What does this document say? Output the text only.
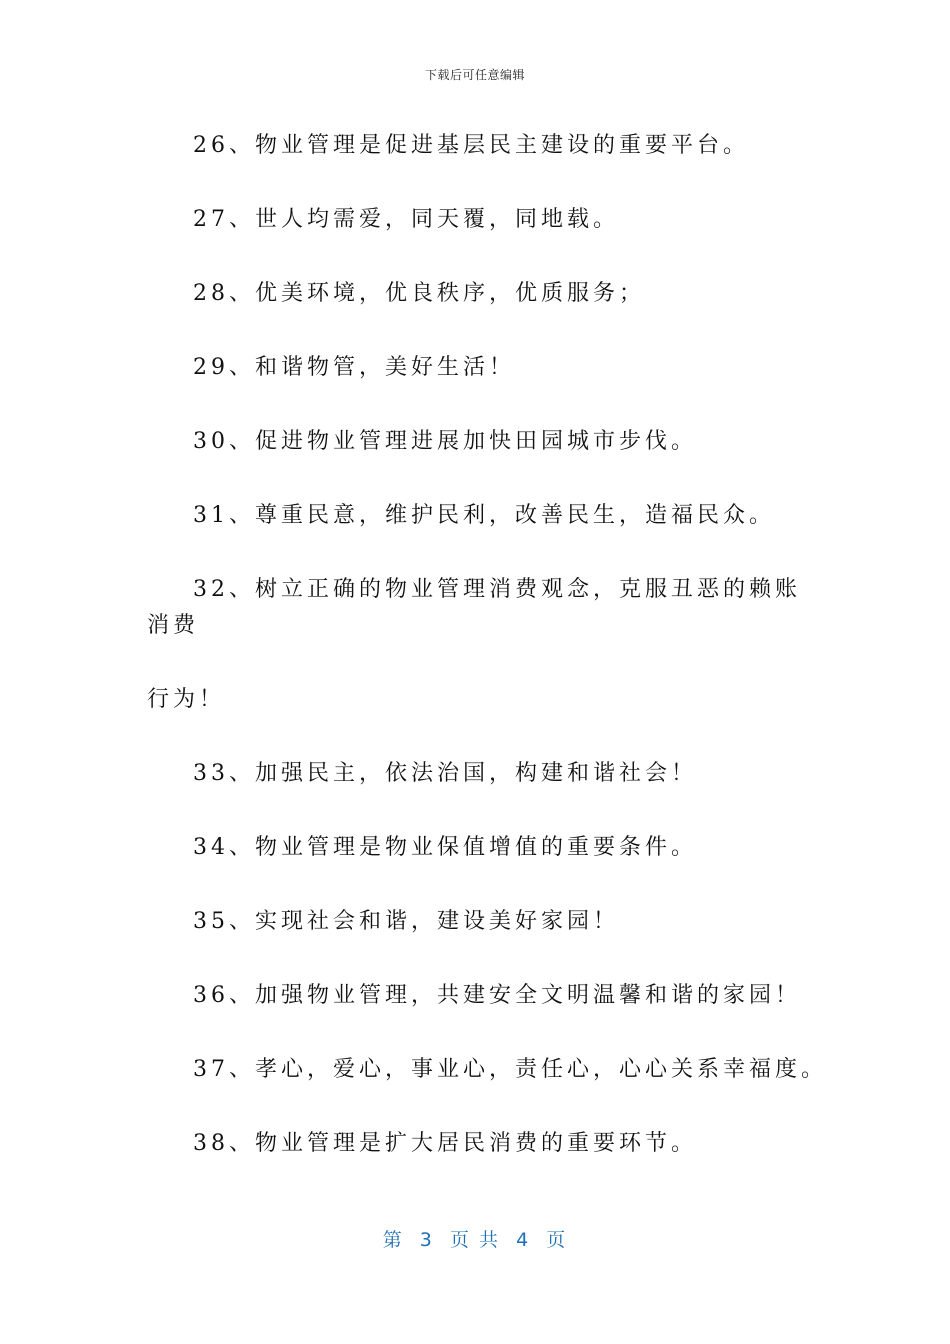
下载后可任意编辑

26、物业管理是促进基层民主建设的重要平台。

27、世人均需爱，同天覆，同地载。

28、优美环境，优良秩序，优质服务；

29、和谐物管，美好生活！

30、促进物业管理进展加快田园城市步伐。

31、尊重民意，维护民利，改善民生，造福民众。

32、树立正确的物业管理消费观念，克服丑恶的赖账消费
行为！

33、加强民主，依法治国，构建和谐社会！

34、物业管理是物业保值增值的重要条件。

35、实现社会和谐，建设美好家园！

36、加强物业管理，共建安全文明温馨和谐的家园！

37、孝心，爱心，事业心，责任心，心心关系幸福度。

38、物业管理是扩大居民消费的重要环节。

第  3  页 共  4  页
